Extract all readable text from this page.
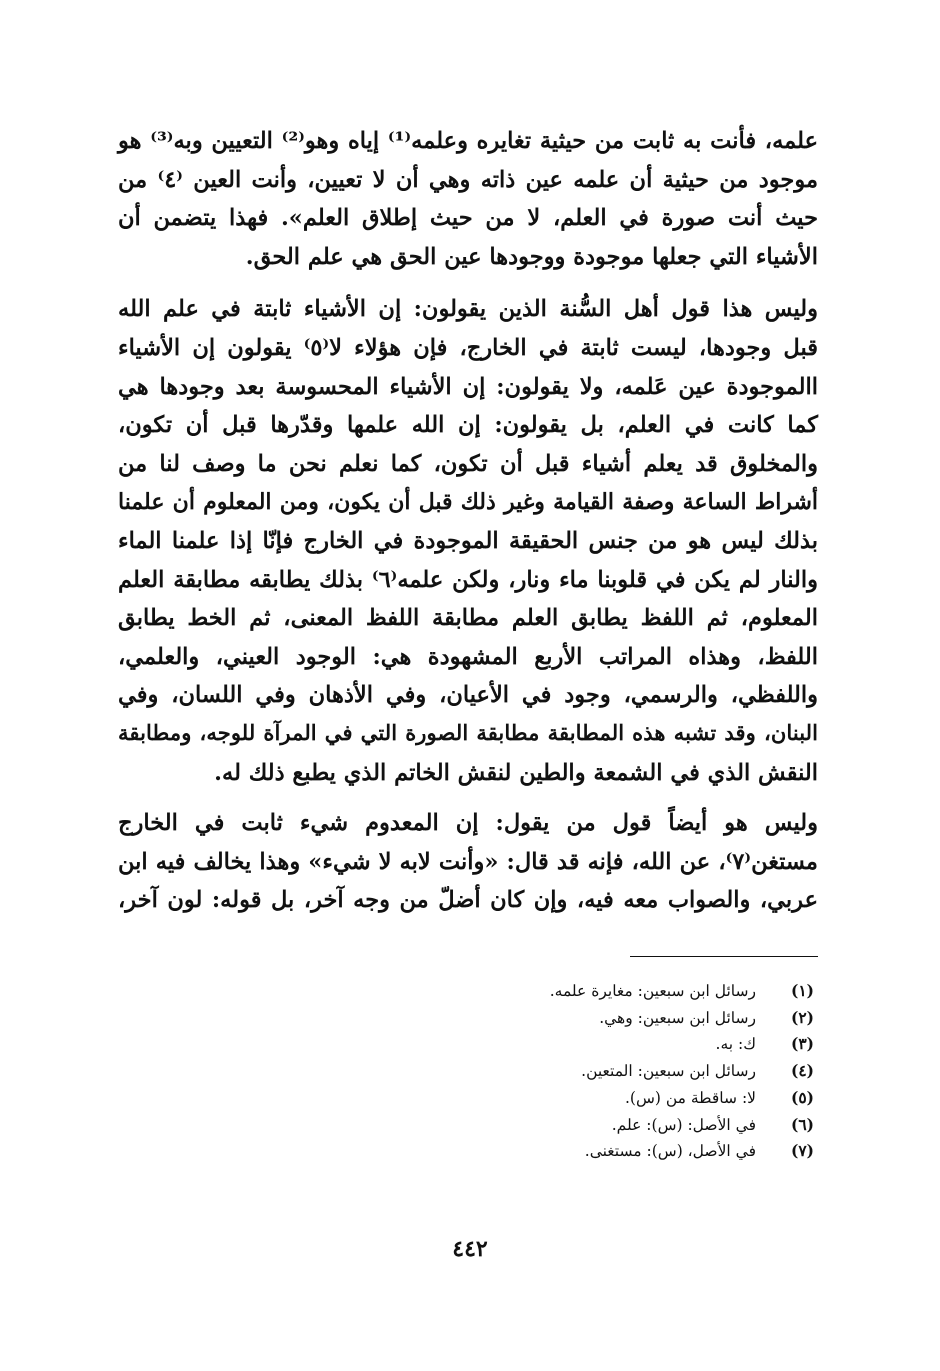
علمه، فأنت به ثابت من حيثية تغايره وعلمه⁽¹⁾ إياه وهو⁽²⁾ التعيين وبه⁽³⁾ هو
موجود من حيثية أن علمه عين ذاته وهي أن لا تعيين، وأنت العين ⁽٤⁾ من
حيث أنت صورة في العلم، لا من حيث إطلاق العلم». فهذا يتضمن أن
الأشياء التي جعلها موجودة ووجودها عين الحق هي علم الحق.

وليس هذا قول أهل السُّنة الذين يقولون: إن الأشياء ثابتة في علم الله
قبل وجودها، ليست ثابتة في الخارج، فإن هؤلاء لا⁽٥⁾ يقولون إن الأشياء
االموجودة عين عَلمه، ولا يقولون: إن الأشياء المحسوسة بعد وجودها هي
كما كانت في العلم، بل يقولون: إن الله علمها وقدّرها قبل أن تكون،
والمخلوق قد يعلم أشياء قبل أن تكون، كما نعلم نحن ما وصف لنا من
أشراط الساعة وصفة القيامة وغير ذلك قبل أن يكون، ومن المعلوم أن علمنا
بذلك ليس هو من جنس الحقيقة الموجودة في الخارج فإنّا إذا علمنا الماء
والنار لم يكن في قلوبنا ماء ونار، ولكن علمه⁽٦⁾ بذلك يطابقه مطابقة العلم
المعلوم، ثم اللفظ يطابق العلم مطابقة اللفظ المعنى، ثم الخط يطابق
اللفظ، وهذاه المراتب الأربع المشهودة هي: الوجود العيني، والعلمي،
واللفظي، والرسمي، وجود في الأعيان، وفي الأذهان وفي اللسان، وفي
البنان، وقد تشبه هذه المطابقة مطابقة الصورة التي في المرآة للوجه، ومطابقة
النقش الذي في الشمعة والطين لنقش الخاتم الذي يطبع ذلك له.

وليس هو أيضاً قول من يقول: إن المعدوم شيء ثابت في الخارج
مستغن⁽٧⁾، عن الله، فإنه قد قال: «وأنت لابه لا شيء» وهذا يخالف فيه ابن
عربي، والصواب معه فيه، وإن كان أضلّ من وجه آخر، بل قوله: لون آخر،

(١)
رسائل ابن سبعين: مغايرة علمه.
(٢)
رسائل ابن سبعين: وهي.
(٣)
ك: به.
(٤)
رسائل ابن سبعين: المتعين.
(٥)
لا: ساقطة من (س).
(٦)
في الأصل: (س): علم.
(٧)
في الأصل، (س): مستغنى.
٤٤٢
